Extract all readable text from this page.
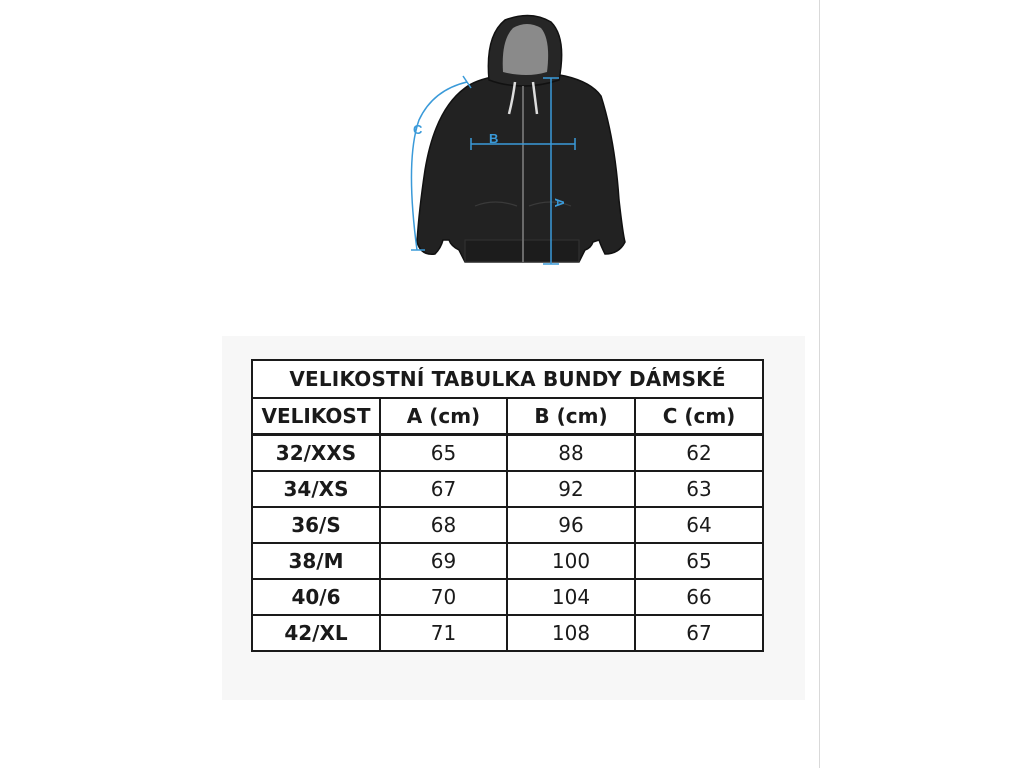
C
B
A
VELIKOSTNÍ TABULKA BUNDY DÁMSKÉ			
VELIKOST	A (cm)	B (cm)	C (cm)
32/XXS	65	88	62
34/XS	67	92	63
36/S	68	96	64
38/M	69	100	65
40/6	70	104	66
42/XL	71	108	67
